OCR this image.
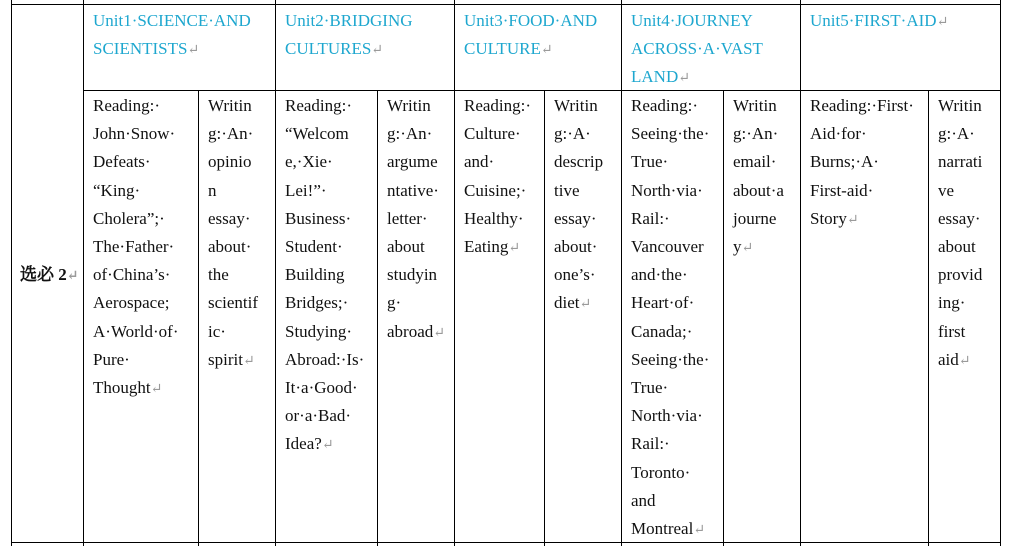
选必 2↵
Unit1·SCIENCE·AND
SCIENTISTS↵
Unit2·BRIDGING
CULTURES↵
Unit3·FOOD·AND
CULTURE↵
Unit4·JOURNEY
ACROSS·A·VAST
LAND↵
Unit5·FIRST·AID↵
Reading:·
John·Snow·
Defeats·
“King·
Cholera”;·
The·Father·
of·China’s·
Aerospace;
A·World·of·
Pure·
Thought↵
Reading:·
“Welcom
e,·Xie·
Lei!”·
Business·
Student·
Building
Bridges;·
Studying·
Abroad:·Is·
It·a·Good·
or·a·Bad·
Idea?↵
Reading:·
Culture·
and·
Cuisine;·
Healthy·
Eating↵
Reading:·
Seeing·the·
True·
North·via·
Rail:·
Vancouver
and·the·
Heart·of·
Canada;·
Seeing·the·
True·
North·via·
Rail:·
Toronto·
and
Montreal↵
Reading:·First·
Aid·for·
Burns;·A·
First-aid·
Story↵
Writin
g:·An·
opinio
n
essay·
about·
the
scientif
ic·
spirit↵
Writin
g:·An·
argume
ntative·
letter·
about
studyin
g·
abroad↵
Writin
g:·A·
descrip
tive
essay·
about·
one’s·
diet↵
Writin
g:·An·
email·
about·a
journe
y↵
Writin
g:·A·
narrati
ve
essay·
about
provid
ing·
first
aid↵
